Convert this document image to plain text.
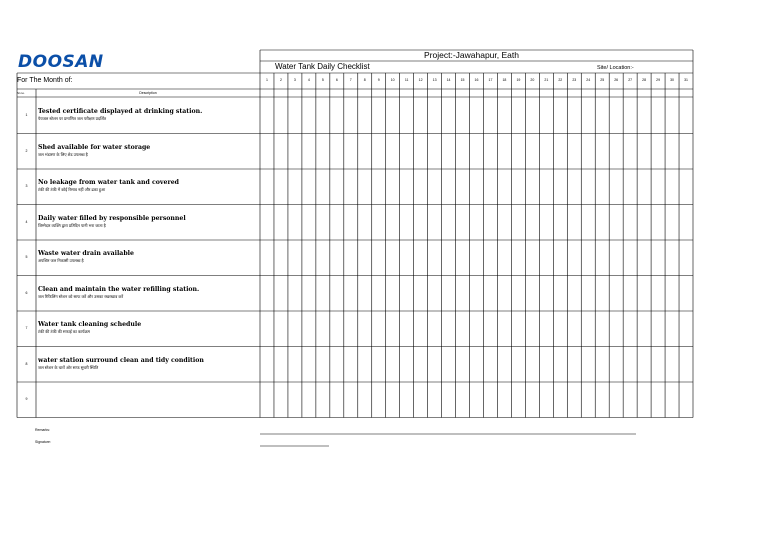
DOOSAN	Project:-Jawahapur, Eath
Water Tank Daily Checklist	Site/ Location:-
For The Month of:
Sr.no.	Description
1	2	3	4	5	6	7	8	9	10	11	12	13	14	15	16	17	18	19	20	21	22	23	24	25	26	27	28	29	30	31
1	Tested certificate displayed at drinking station.
पेयजल स्टेशन पर प्रमाणित जल परीक्षण प्रदर्शित
2	Shed available for water storage
जल भंडारण के लिए शेड उपलब्ध है
3	No leakage from water tank and covered
टंकी की टंकी में कोई रिसाव नहीं और ढका हुआ
4	Daily water filled by responsible personnel
जिम्मेदार व्यक्ति द्वारा प्रतिदिन पानी भरा जाता है
5	Waste water drain available
अपशिष्ट जल निकासी उपलब्ध है
6	Clean and maintain the water refilling station.
जल रिफिलिंग स्टेशन को साफ करें और उसका रखरखाव करें
7	Water tank cleaning schedule
टंकी की टंकी की सफाई का कार्यक्रम
8	water station surround clean and tidy condition
जल स्टेशन के चारों ओर साफ सुथरी स्थिति
9
Remarks:
Signature:
